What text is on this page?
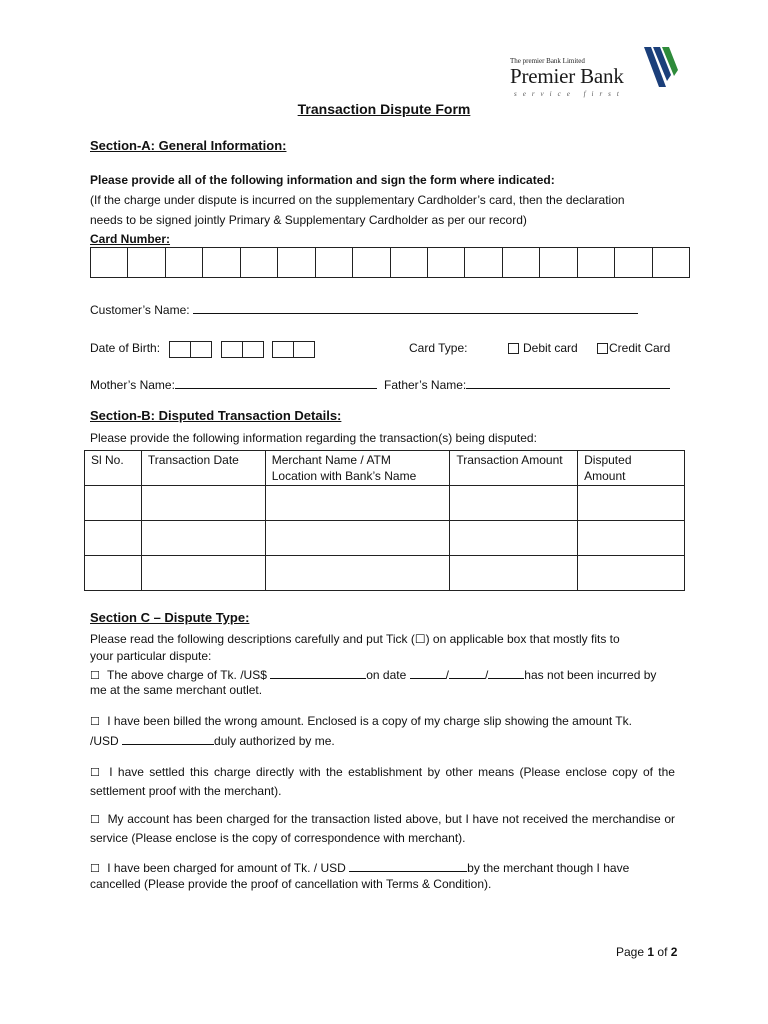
The premier Bank Limited
Premier Bank
service first
Transaction Dispute Form
Section-A: General Information:
Please provide all of the following information and sign the form where indicated:
(If the charge under dispute is incurred on the supplementary Cardholder’s card, then the declaration
needs to be signed jointly Primary & Supplementary Cardholder as per our record)
Card Number:
Customer’s Name:
Date of Birth:	Card Type:	Debit card	Credit Card
Mother’s Name:	Father’s Name:
Section-B: Disputed Transaction Details:
Please provide the following information regarding the transaction(s) being disputed:
Sl No.	Transaction Date	Merchant Name / ATM
Location with Bank’s Name	Transaction Amount	Disputed
Amount

Section C – Dispute Type:
Please read the following descriptions carefully and put Tick (☐) on applicable box that mostly fits to
your particular dispute:
☐ The above charge of Tk. /US$	on date	/	/	has not been incurred by
me at the same merchant outlet.
☐ I have been billed the wrong amount. Enclosed is a copy of my charge slip showing the amount Tk.
/USD	duly authorized by me.
☐ I have settled this charge directly with the establishment by other means (Please enclose copy of the settlement proof with the merchant).
☐ My account has been charged for the transaction listed above, but I have not received the merchandise or service (Please enclose is the copy of correspondence with merchant).
☐ I have been charged for amount of Tk. / USD	by the merchant though I have
cancelled (Please provide the proof of cancellation with Terms & Condition).
Page 1 of 2
